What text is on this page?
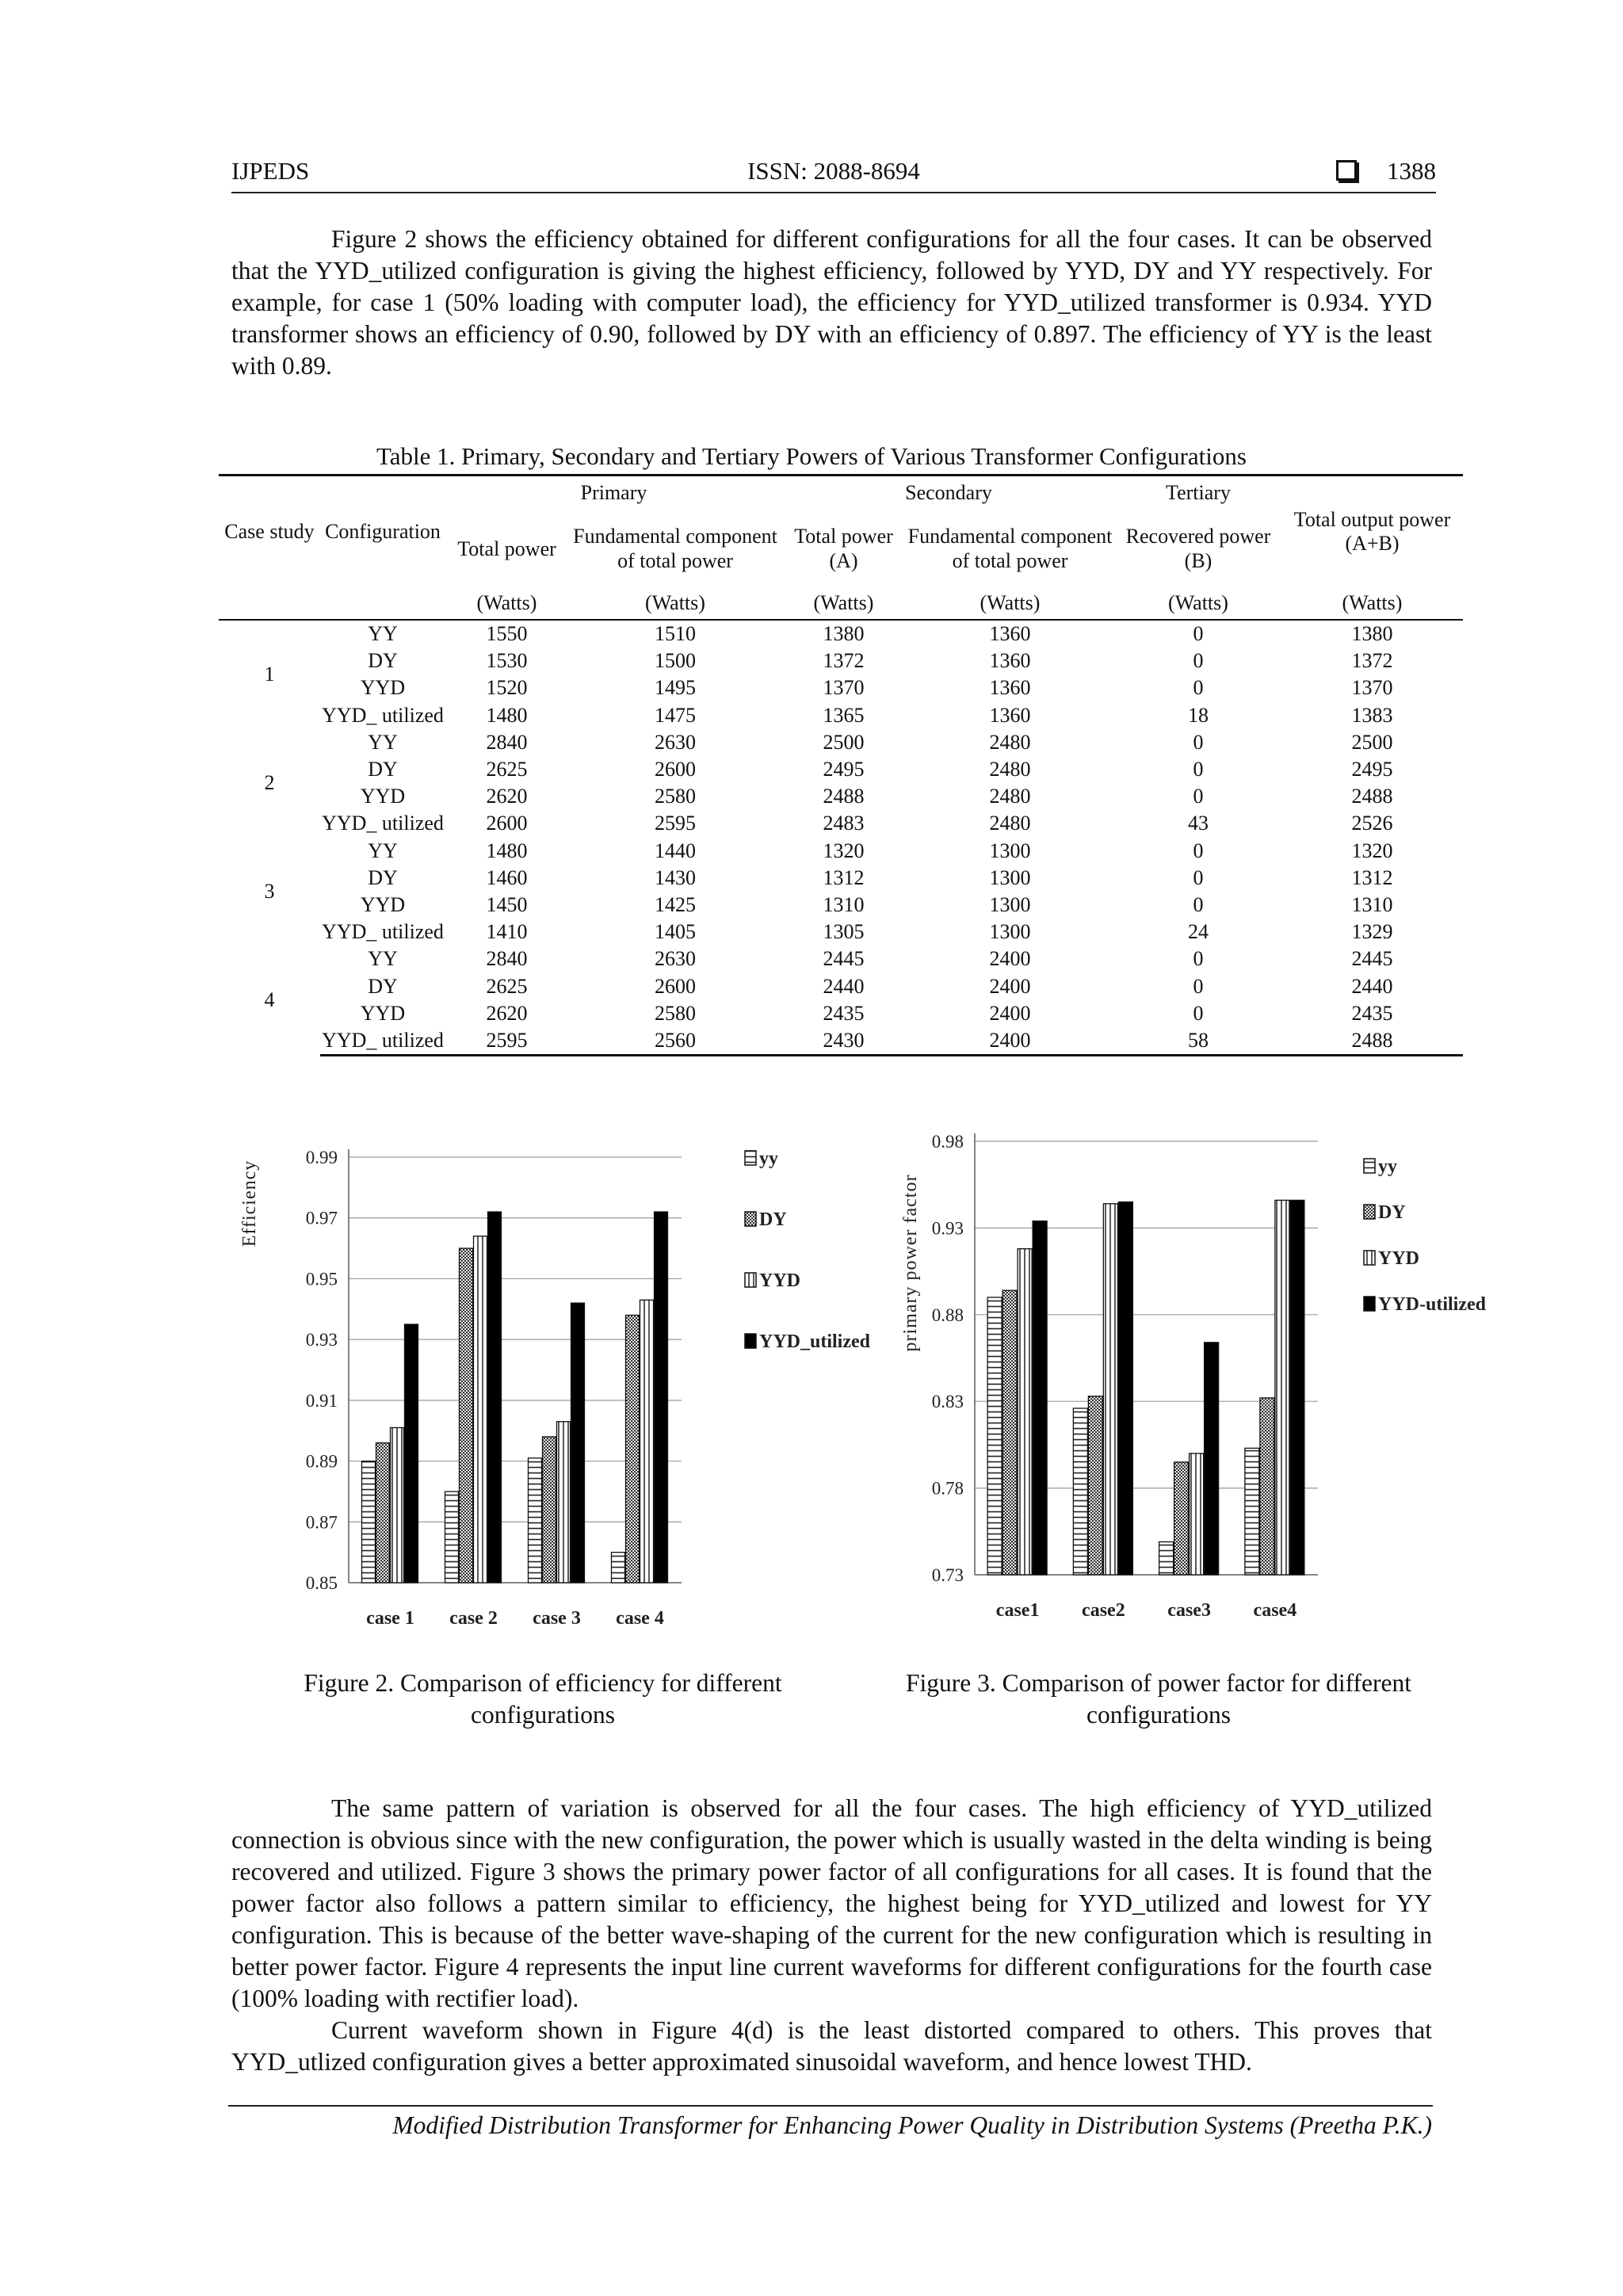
IJPEDS	ISSN: 2088-8694	1388

Figure 2 shows the efficiency obtained for different configurations for all the four cases. It can be observed that the YYD_utilized configuration is giving the highest efficiency, followed by YYD, DY and YY respectively. For example, for case 1 (50% loading with computer load), the efficiency for YYD_utilized transformer is 0.934. YYD transformer shows an efficiency of 0.90, followed by DY with an efficiency of 0.897. The efficiency of YY is the least with 0.89.

Table 1. Primary, Secondary and Tertiary Powers of Various Transformer Configurations
Case study	Configuration	Primary		Secondary		Tertiary	Total output power (A+B)
		Total power	Fundamental component of total power	Total power (A)	Fundamental component of total power	Recovered power (B)	
		(Watts)	(Watts)	(Watts)	(Watts)	(Watts)	(Watts)
1	YY	1550	1510	1380	1360	0	1380
	DY	1530	1500	1372	1360	0	1372
	YYD	1520	1495	1370	1360	0	1370
	YYD_ utilized	1480	1475	1365	1360	18	1383
2	YY	2840	2630	2500	2480	0	2500
	DY	2625	2600	2495	2480	0	2495
	YYD	2620	2580	2488	2480	0	2488
	YYD_ utilized	2600	2595	2483	2480	43	2526
3	YY	1480	1440	1320	1300	0	1320
	DY	1460	1430	1312	1300	0	1312
	YYD	1450	1425	1310	1300	0	1310
	YYD_ utilized	1410	1405	1305	1300	24	1329
4	YY	2840	2630	2445	2400	0	2445
	DY	2625	2600	2440	2400	0	2440
	YYD	2620	2580	2435	2400	0	2435
	YYD_ utilized	2595	2560	2430	2400	58	2488
0.85
0.87
0.89
0.91
0.93
0.95
0.97
0.99
case 1 case 2 case 3 case 4
Efficiency
yy
DY
YYD
YYD_utilized
0.73
0.78
0.83
0.88
0.93
0.98
case1 case2 case3 case4
primary power factor
yy
DY
YYD
YYD-utilized
Figure 2. Comparison of efficiency for different configurations
Figure 3. Comparison of power factor for different configurations

The same pattern of variation is observed for all the four cases. The high efficiency of YYD_utilized connection is obvious since with the new configuration, the power which is usually wasted in the delta winding is being recovered and utilized. Figure 3 shows the primary power factor of all configurations for all cases. It is found that the power factor also follows a pattern similar to efficiency, the highest being for YYD_utilized and lowest for YY configuration. This is because of the better wave-shaping of the current for the new configuration which is resulting in better power factor. Figure 4 represents the input line current waveforms for different configurations for the fourth case (100% loading with rectifier load).

Current waveform shown in Figure 4(d) is the least distorted compared to others. This proves that YYD_utlized configuration gives a better approximated sinusoidal waveform, and hence lowest THD.

Modified Distribution Transformer for Enhancing Power Quality in Distribution Systems (Preetha P.K.)
